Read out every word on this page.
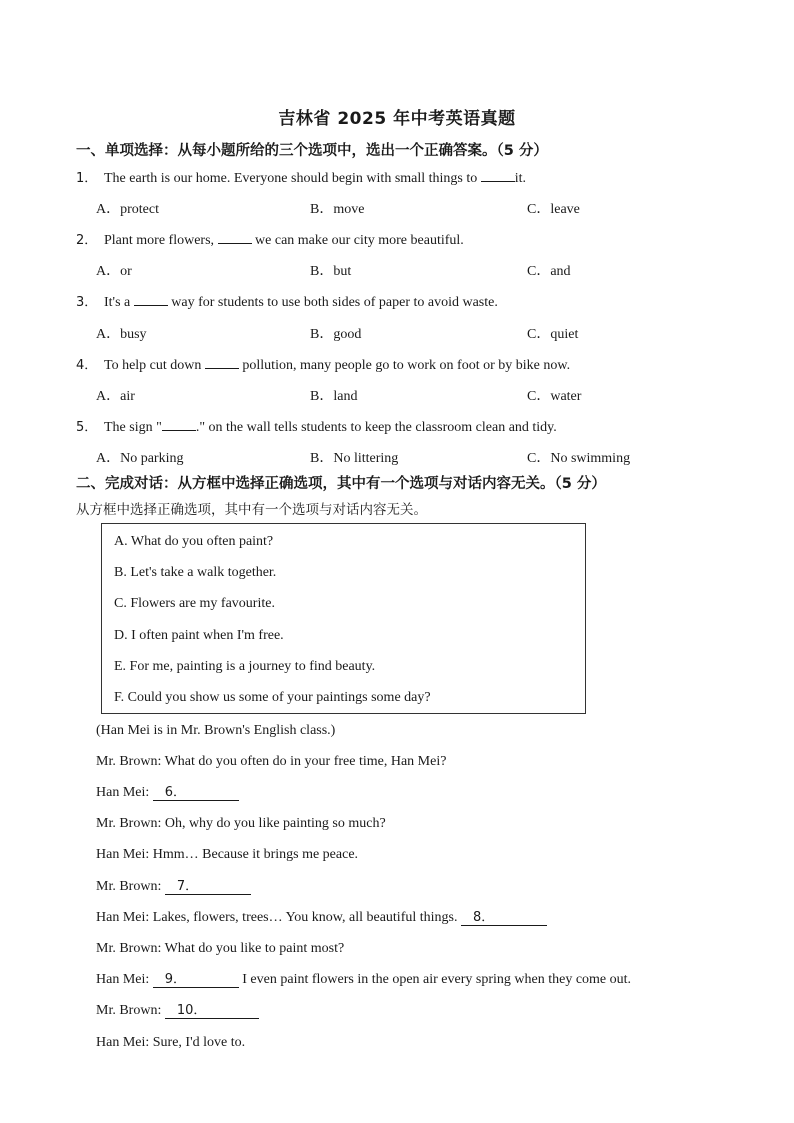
吉林省 2025 年中考英语真题
一、单项选择：从每小题所给的三个选项中，选出一个正确答案。（5 分）
1． The earth is our home. Everyone should begin with small things to it.
A．protect	B．move	C．leave
2． Plant more flowers,  we can make our city more beautiful.
A．or	B．but	C．and
3． It's a  way for students to use both sides of paper to avoid waste.
A．busy	B．good	C．quiet
4． To help cut down  pollution, many people go to work on foot or by bike now.
A．air	B．land	C．water
5． The sign " ." on the wall tells students to keep the classroom clean and tidy.
A．No parking	B．No littering	C．No swimming
二、完成对话：从方框中选择正确选项，其中有一个选项与对话内容无关。（5 分）
从方框中选择正确选项，其中有一个选项与对话内容无关。
A. What do you often paint?
B. Let's take a walk together.
C. Flowers are my favourite.
D. I often paint when I'm free.
E. For me, painting is a journey to find beauty.
F. Could you show us some of your paintings some day?
(Han Mei is in Mr. Brown's English class.)
Mr. Brown: What do you often do in your free time, Han Mei?
Han Mei: 6．
Mr. Brown: Oh, why do you like painting so much?
Han Mei: Hmm… Because it brings me peace.
Mr. Brown: 7．
Han Mei: Lakes, flowers, trees… You know, all beautiful things. 8．
Mr. Brown: What do you like to paint most?
Han Mei: 9．	I even paint flowers in the open air every spring when they come out.
Mr. Brown: 10．
Han Mei: Sure, I'd love to.
